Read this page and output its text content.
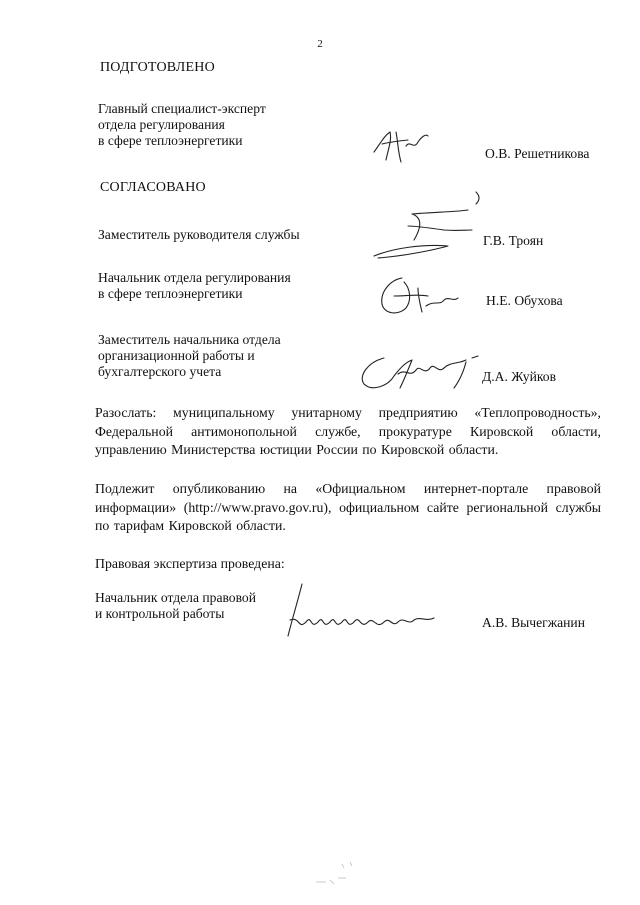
2
ПОДГОТОВЛЕНО
Главный специалист-эксперт
отдела регулирования
в сфере теплоэнергетики
О.В. Решетникова
СОГЛАСОВАНО
Заместитель руководителя службы	Г.В. Троян
Начальник отдела регулирования
в сфере теплоэнергетики	Н.Е. Обухова
Заместитель начальника отдела
организационной работы и
бухгалтерского учета	Д.А. Жуйков
Разослать: муниципальному унитарному предприятию «Теплопроводность», Федеральной антимонопольной службе, прокуратуре Кировской области, управлению Министерства юстиции России по Кировской области.
Подлежит опубликованию на «Официальном интернет-портале правовой информации» (http://www.pravo.gov.ru), официальном сайте региональной службы по тарифам Кировской области.
Правовая экспертиза проведена:
Начальник отдела правовой
и контрольной работы
А.В. Вычегжанин
